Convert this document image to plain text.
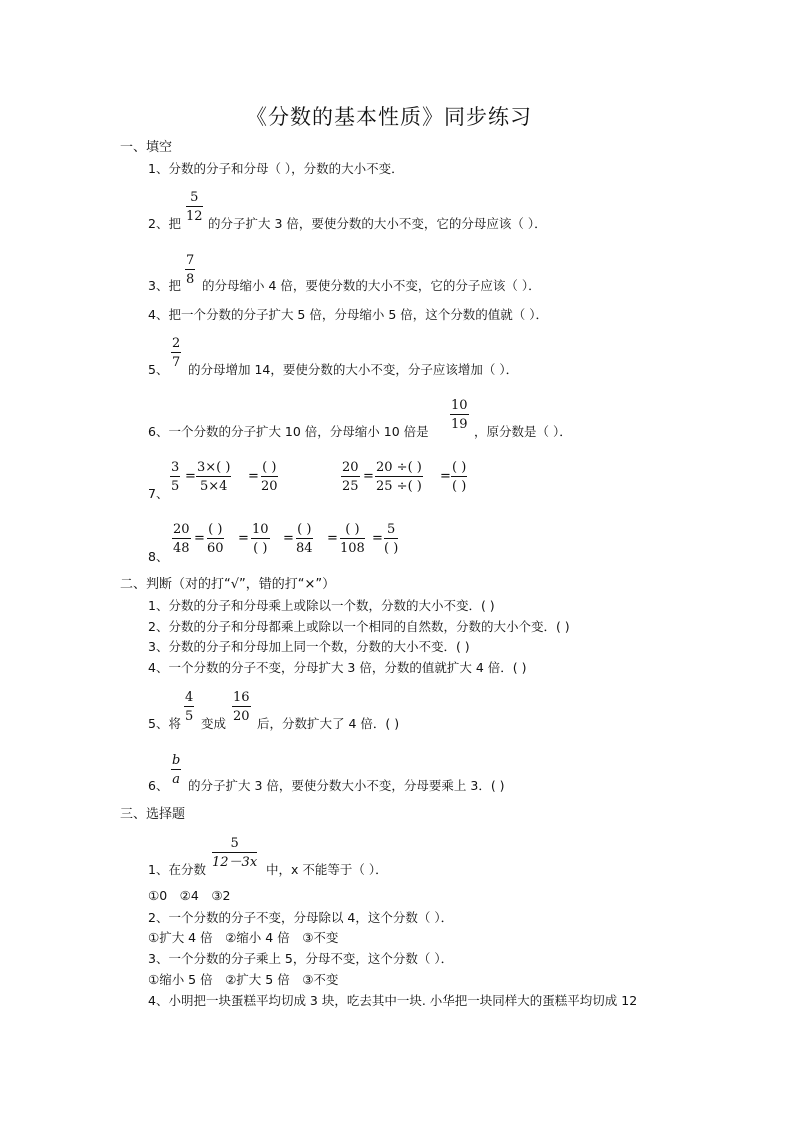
《分数的基本性质》同步练习
一、填空
1、分数的分子和分母（ ），分数的大小不变．
2、把
$\frac{5}{12}$
的分子扩大 3 倍，要使分数的大小不变，它的分母应该（ ）．
3、把 $\frac{7}{8}$ 的分母缩小 4 倍，要使分数的大小不变，它的分子应该（ ）．
4、把一个分数的分子扩大 5 倍，分母缩小 5 倍，这个分数的值就（ ）．
5、
$\frac{2}{7}$
的分母增加 14，要使分数的大小不变，分子应该增加（ ）．
6、一个分数的分子扩大 10 倍，分母缩小 10 倍是
$\frac{10}{19}$
，原分数是（ ）．
7、
$\frac{3}{5} = \frac{3\times( )}{5\times 4}$ =
( )
20	$\frac{20}{25} = \frac{20 \div( )}{25 \div( )}$ =
( )
( )
8、
$\frac{20}{48}$ =
( )
60
=
10
( )
=
( )
84
=
( )
108
=
5
( )
二、判断（对的打“√”，错的打“×”）
1、分数的分子和分母乘上或除以一个数，分数的大小不变．( )
2、分数的分子和分母都乘上或除以一个相同的自然数，分数的大小个变．( )
3、分数的分子和分母加上同一个数，分数的大小不变．( )
4、一个分数的分子不变，分母扩大 3 倍，分数的值就扩大 4 倍．( )
5、将
$\frac{4}{5}$
变成
$\frac{16}{20}$
后，分数扩大了 4 倍．( )
6、 $\frac{b}{a}$ 的分子扩大 3 倍，要使分数大小不变，分母要乘上 3．( )
三、选择题
1、在分数
$\frac{5}{12-3x}$
中，x 不能等于（ ）．
①0　②4　③2
2、一个分数的分子不变，分母除以 4，这个分数（ ）．
①扩大 4 倍　②缩小 4 倍　③不变
3、一个分数的分子乘上 5，分母不变，这个分数（ ）．
①缩小 5 倍　②扩大 5 倍　③不变
4、小明把一块蛋糕平均切成 3 块，吃去其中一块. 小华把一块同样大的蛋糕平均切成 12
